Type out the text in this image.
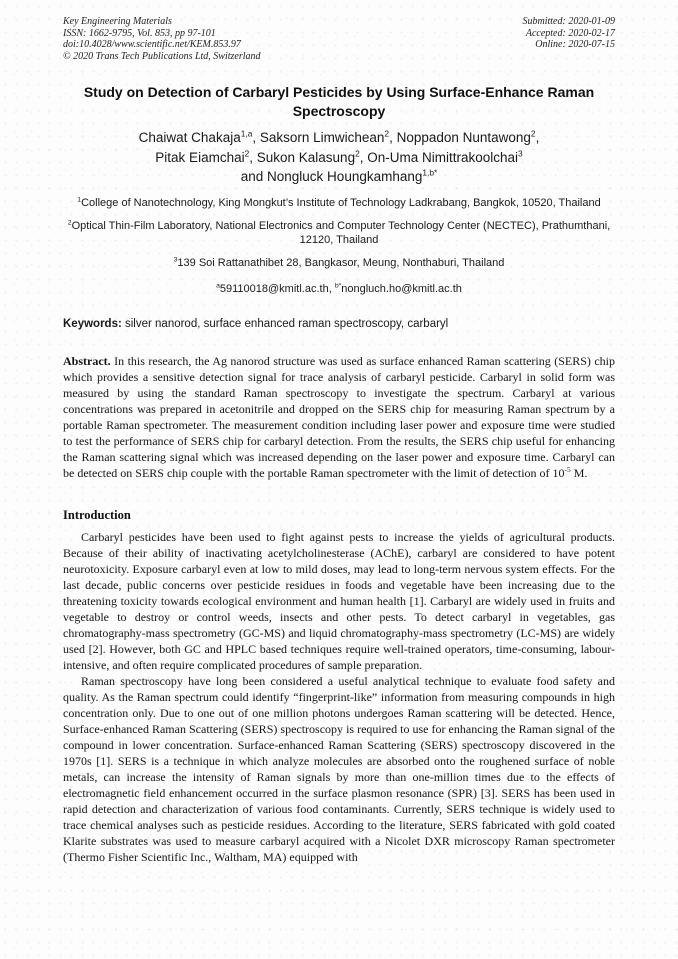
Key Engineering Materials
ISSN: 1662-9795, Vol. 853, pp 97-101
doi:10.4028/www.scientific.net/KEM.853.97
© 2020 Trans Tech Publications Ltd, Switzerland
Submitted: 2020-01-09
Accepted: 2020-02-17
Online: 2020-07-15
Study on Detection of Carbaryl Pesticides by Using Surface-Enhance Raman Spectroscopy
Chaiwat Chakaja$^{1,a}$, Saksorn Limwichean$^2$, Noppadon Nuntawong$^2$,
Pitak Eiamchai$^2$, Sukon Kalasung$^2$, On-Uma Nimittrakoolchai$^3$
and Nongluck Houngkamhang$^{1,b*}$
$^1$College of Nanotechnology, King Mongkut’s Institute of Technology Ladkrabang, Bangkok, 10520, Thailand
$^2$Optical Thin-Film Laboratory, National Electronics and Computer Technology Center (NECTEC), Prathumthani, 12120, Thailand
$^3$139 Soi Rattanathibet 28, Bangkasor, Meung, Nonthaburi, Thailand
$^a$59110018@kmitl.ac.th, $^{b*}$nongluch.ho@kmitl.ac.th
Keywords: silver nanorod, surface enhanced raman spectroscopy, carbaryl
Abstract. In this research, the Ag nanorod structure was used as surface enhanced Raman scattering (SERS) chip which provides a sensitive detection signal for trace analysis of carbaryl pesticide. Carbaryl in solid form was measured by using the standard Raman spectroscopy to investigate the spectrum. Carbaryl at various concentrations was prepared in acetonitrile and dropped on the SERS chip for measuring Raman spectrum by a portable Raman spectrometer. The measurement condition including laser power and exposure time were studied to test the performance of SERS chip for carbaryl detection. From the results, the SERS chip useful for enhancing the Raman scattering signal which was increased depending on the laser power and exposure time. Carbaryl can be detected on SERS chip couple with the portable Raman spectrometer with the limit of detection of $10^{-5}$ M.
Introduction
Carbaryl pesticides have been used to fight against pests to increase the yields of agricultural products. Because of their ability of inactivating acetylcholinesterase (AChE), carbaryl are considered to have potent neurotoxicity. Exposure carbaryl even at low to mild doses, may lead to long-term nervous system effects. For the last decade, public concerns over pesticide residues in foods and vegetable have been increasing due to the threatening toxicity towards ecological environment and human health [1]. Carbaryl are widely used in fruits and vegetable to destroy or control weeds, insects and other pests. To detect carbaryl in vegetables, gas chromatography-mass spectrometry (GC-MS) and liquid chromatography-mass spectrometry (LC-MS) are widely used [2]. However, both GC and HPLC based techniques require well-trained operators, time-consuming, labour-intensive, and often require complicated procedures of sample preparation.
Raman spectroscopy have long been considered a useful analytical technique to evaluate food safety and quality. As the Raman spectrum could identify “fingerprint-like” information from measuring compounds in high concentration only. Due to one out of one million photons undergoes Raman scattering will be detected. Hence, Surface-enhanced Raman Scattering (SERS) spectroscopy is required to use for enhancing the Raman signal of the compound in lower concentration. Surface-enhanced Raman Scattering (SERS) spectroscopy discovered in the 1970s [1]. SERS is a technique in which analyze molecules are absorbed onto the roughened surface of noble metals, can increase the intensity of Raman signals by more than one-million times due to the effects of electromagnetic field enhancement occurred in the surface plasmon resonance (SPR) [3]. SERS has been used in rapid detection and characterization of various food contaminants. Currently, SERS technique is widely used to trace chemical analyses such as pesticide residues. According to the literature, SERS fabricated with gold coated Klarite substrates was used to measure carbaryl acquired with a Nicolet DXR microscopy Raman spectrometer (Thermo Fisher Scientific Inc., Waltham, MA) equipped with
